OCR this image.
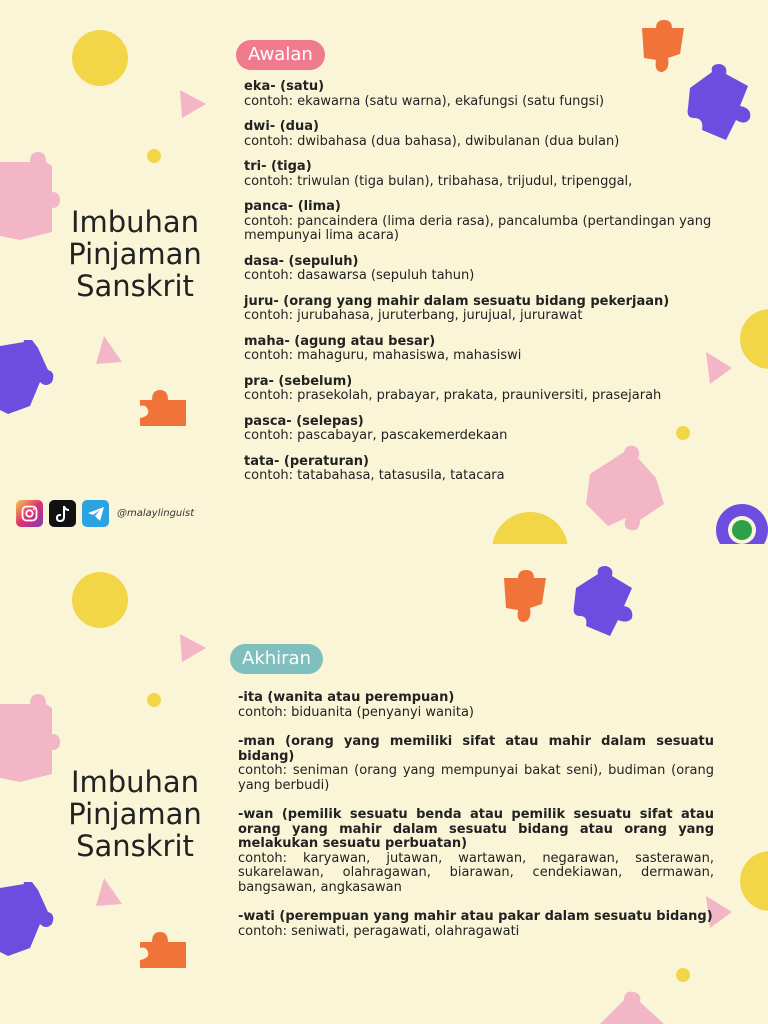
Imbuhan
Pinjaman
Sanskrit
Awalan
eka- (satu)
contoh: ekawarna (satu warna), ekafungsi (satu fungsi)
dwi- (dua)
contoh: dwibahasa (dua bahasa), dwibulanan (dua bulan)
tri- (tiga)
contoh: triwulan (tiga bulan), tribahasa, trijudul, tripenggal,
panca- (lima)
contoh: pancaindera (lima deria rasa), pancalumba (pertandingan yang mempunyai lima acara)
dasa- (sepuluh)
contoh: dasawarsa (sepuluh tahun)
juru- (orang yang mahir dalam sesuatu bidang pekerjaan)
contoh: jurubahasa, juruterbang, jurujual, jururawat
maha- (agung atau besar)
contoh: mahaguru, mahasiswa, mahasiswi
pra- (sebelum)
contoh: prasekolah, prabayar, prakata, prauniversiti, prasejarah
pasca- (selepas)
contoh: pascabayar, pascakemerdekaan
tata- (peraturan)
contoh: tatabahasa, tatasusila, tatacara
@malaylinguist
Imbuhan
Pinjaman
Sanskrit
Akhiran
-ita (wanita atau perempuan)
contoh: biduanita (penyanyi wanita)
-man (orang yang memiliki sifat atau mahir dalam sesuatu bidang)
contoh: seniman (orang yang mempunyai bakat seni), budiman (orang yang berbudi)
-wan (pemilik sesuatu benda atau pemilik sesuatu sifat atau orang yang mahir dalam sesuatu bidang atau orang yang melakukan sesuatu perbuatan)
contoh: karyawan, jutawan, wartawan, negarawan, sasterawan, sukarelawan, olahragawan, biarawan, cendekiawan, dermawan, bangsawan, angkasawan
-wati (perempuan yang mahir atau pakar dalam sesuatu bidang)
contoh: seniwati, peragawati, olahragawati
